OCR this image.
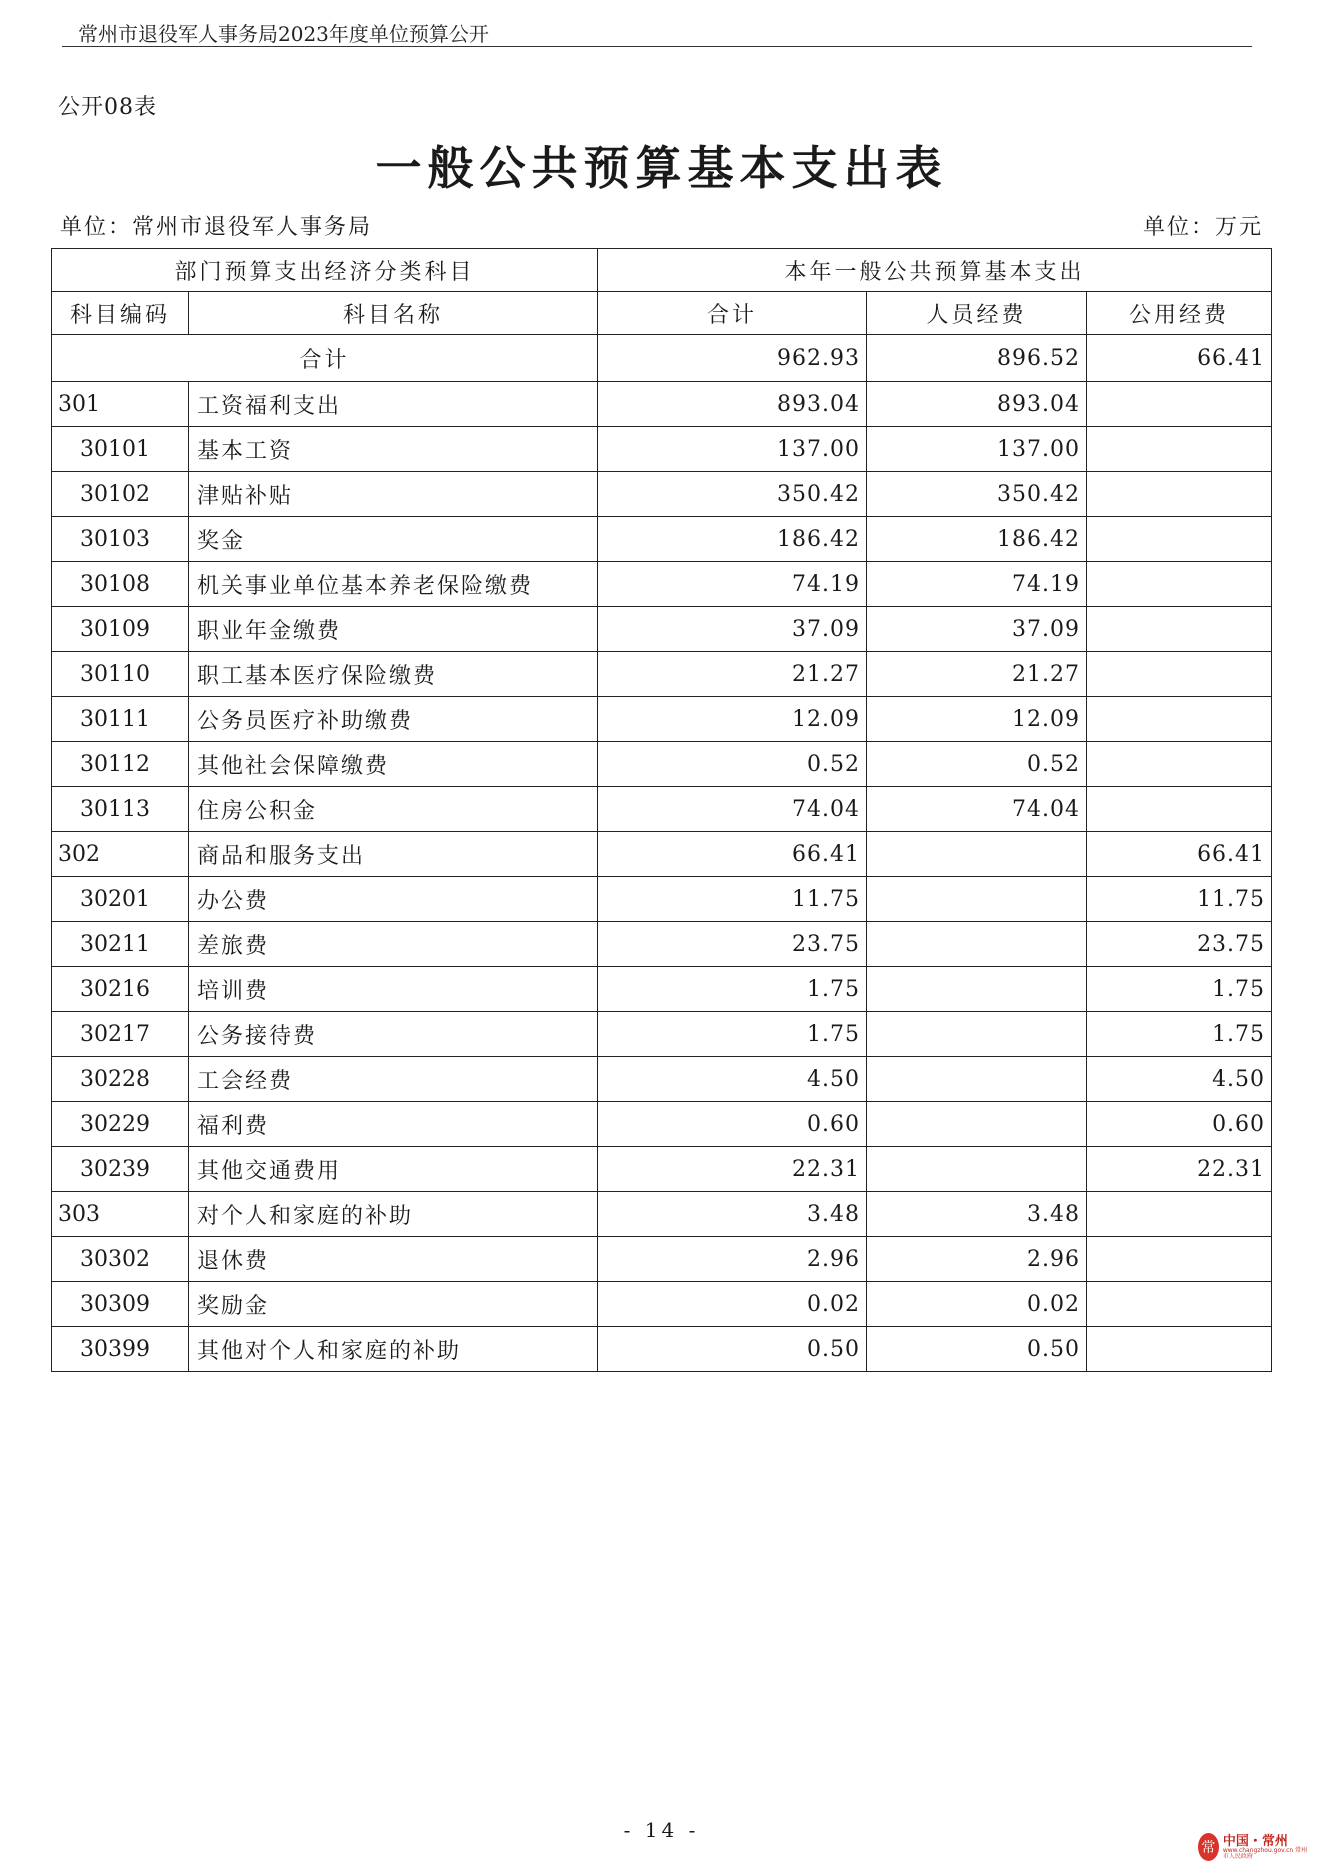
常州市退役军人事务局2023年度单位预算公开
公开08表
一般公共预算基本支出表
单位：常州市退役军人事务局	单位：万元
部门预算支出经济分类科目		本年一般公共预算基本支出		
科目编码	科目名称	合计	人员经费	公用经费
合计		962.93	896.52	66.41
301	工资福利支出	893.04	893.04	
30101	基本工资	137.00	137.00	
30102	津贴补贴	350.42	350.42	
30103	奖金	186.42	186.42	
30108	机关事业单位基本养老保险缴费	74.19	74.19	
30109	职业年金缴费	37.09	37.09	
30110	职工基本医疗保险缴费	21.27	21.27	
30111	公务员医疗补助缴费	12.09	12.09	
30112	其他社会保障缴费	0.52	0.52	
30113	住房公积金	74.04	74.04	
302	商品和服务支出	66.41		66.41
30201	办公费	11.75		11.75
30211	差旅费	23.75		23.75
30216	培训费	1.75		1.75
30217	公务接待费	1.75		1.75
30228	工会经费	4.50		4.50
30229	福利费	0.60		0.60
30239	其他交通费用	22.31		22.31
303	对个人和家庭的补助	3.48	3.48	
30302	退休费	2.96	2.96	
30309	奖励金	0.02	0.02	
30399	其他对个人和家庭的补助	0.50	0.50	
- 14 -
常 中国・常州
www.changzhou.gov.cn 常州市人民政府
